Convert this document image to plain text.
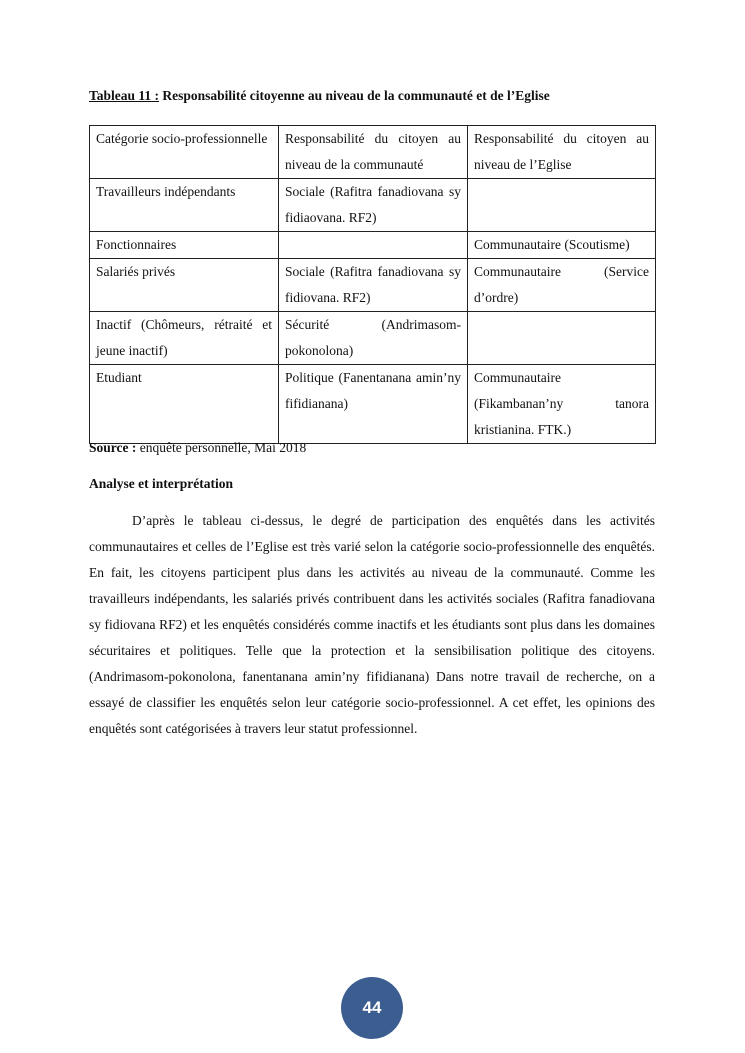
Tableau 11 : Responsabilité citoyenne au niveau de la communauté et de l’Eglise
Catégorie socio-professionnelle	Responsabilité du citoyen au niveau de la communauté	Responsabilité du citoyen au niveau de l’Eglise
Travailleurs indépendants	Sociale (Rafitra fanadiovana sy fidiaovana. RF2)	
Fonctionnaires		Communautaire (Scoutisme)
Salariés privés	Sociale (Rafitra fanadiovana sy fidiovana. RF2)	Communautaire (Service d’ordre)
Inactif (Chômeurs, rétraité et jeune inactif)	Sécurité (Andrimasom-pokonolona)	
Etudiant	Politique (Fanentanana amin’ny fifidianana)	Communautaire (Fikambanan’ny tanora kristianina. FTK.)
Source : enquête personnelle, Mai 2018
Analyse et interprétation

D’après le tableau ci-dessus, le degré de participation des enquêtés dans les activités communautaires et celles de l’Eglise est très varié selon la catégorie socio-professionnelle des enquêtés. En fait, les citoyens participent plus dans les activités au niveau de la communauté. Comme les travailleurs indépendants, les salariés privés contribuent dans les activités sociales (Rafitra fanadiovana sy fidiovana RF2) et les enquêtés considérés comme inactifs et les étudiants sont plus dans les domaines sécuritaires et politiques. Telle que la protection et la sensibilisation politique des citoyens. (Andrimasom-pokonolona, fanentanana amin’ny fifidianana) Dans notre travail de recherche, on a essayé de classifier les enquêtés selon leur catégorie socio-professionnel. A cet effet, les opinions des enquêtés sont catégorisées à travers leur statut professionnel.

44
